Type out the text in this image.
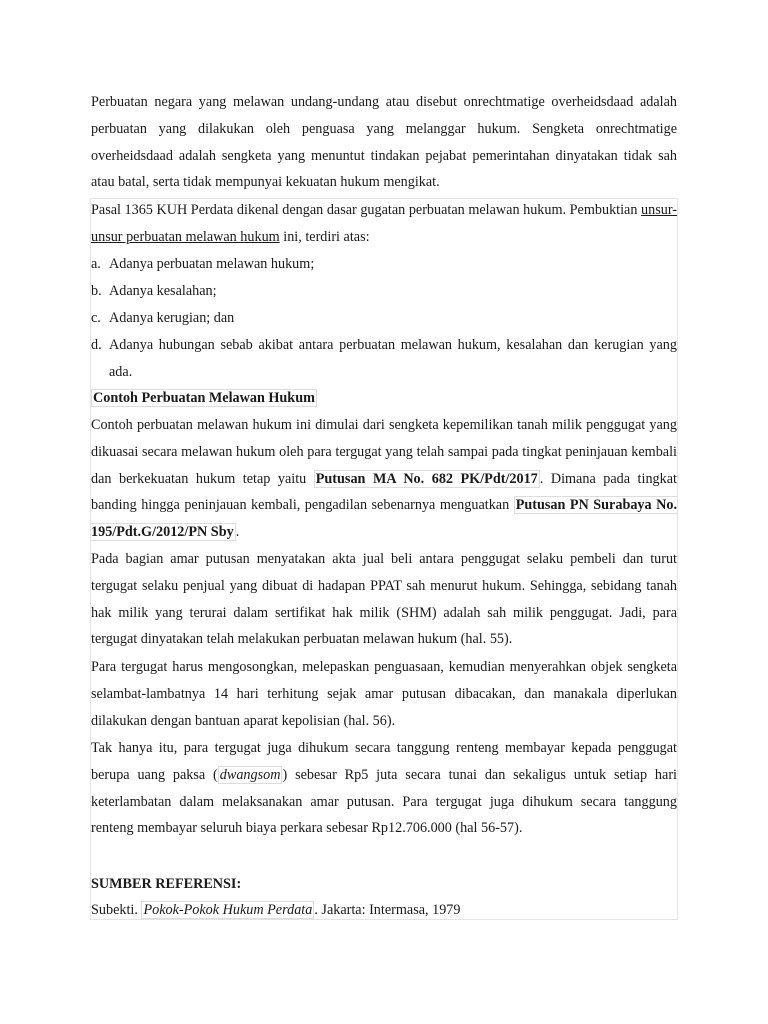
Perbuatan negara yang melawan undang-undang atau disebut onrechtmatige overheidsdaad adalah perbuatan yang dilakukan oleh penguasa yang melanggar hukum. Sengketa onrechtmatige overheidsdaad adalah sengketa yang menuntut tindakan pejabat pemerintahan dinyatakan tidak sah atau batal, serta tidak mempunyai kekuatan hukum mengikat.

Pasal 1365 KUH Perdata dikenal dengan dasar gugatan perbuatan melawan hukum. Pembuktian unsur-unsur perbuatan melawan hukum ini, terdiri atas:

a. Adanya perbuatan melawan hukum;
b. Adanya kesalahan;
c. Adanya kerugian; dan
d. Adanya hubungan sebab akibat antara perbuatan melawan hukum, kesalahan dan kerugian yang ada.

Contoh Perbuatan Melawan Hukum

Contoh perbuatan melawan hukum ini dimulai dari sengketa kepemilikan tanah milik penggugat yang dikuasai secara melawan hukum oleh para tergugat yang telah sampai pada tingkat peninjauan kembali dan berkekuatan hukum tetap yaitu Putusan MA No. 682 PK/Pdt/2017 . Dimana pada tingkat banding hingga peninjauan kembali, pengadilan sebenarnya menguatkan Putusan PN Surabaya No. 195/Pdt.G/2012/PN Sby .

Pada bagian amar putusan menyatakan akta jual beli antara penggugat selaku pembeli dan turut tergugat selaku penjual yang dibuat di hadapan PPAT sah menurut hukum. Sehingga, sebidang tanah hak milik yang terurai dalam sertifikat hak milik (SHM) adalah sah milik penggugat. Jadi, para tergugat dinyatakan telah melakukan perbuatan melawan hukum (hal. 55).

Para tergugat harus mengosongkan, melepaskan penguasaan, kemudian menyerahkan objek sengketa selambat-lambatnya 14 hari terhitung sejak amar putusan dibacakan, dan manakala diperlukan dilakukan dengan bantuan aparat kepolisian (hal. 56).

Tak hanya itu, para tergugat juga dihukum secara tanggung renteng membayar kepada penggugat berupa uang paksa ( dwangsom ) sebesar Rp5 juta secara tunai dan sekaligus untuk setiap hari keterlambatan dalam melaksanakan amar putusan. Para tergugat juga dihukum secara tanggung renteng membayar seluruh biaya perkara sebesar Rp12.706.000 (hal 56-57).

SUMBER REFERENSI:

Subekti. Pokok-Pokok Hukum Perdata . Jakarta: Intermasa, 1979
